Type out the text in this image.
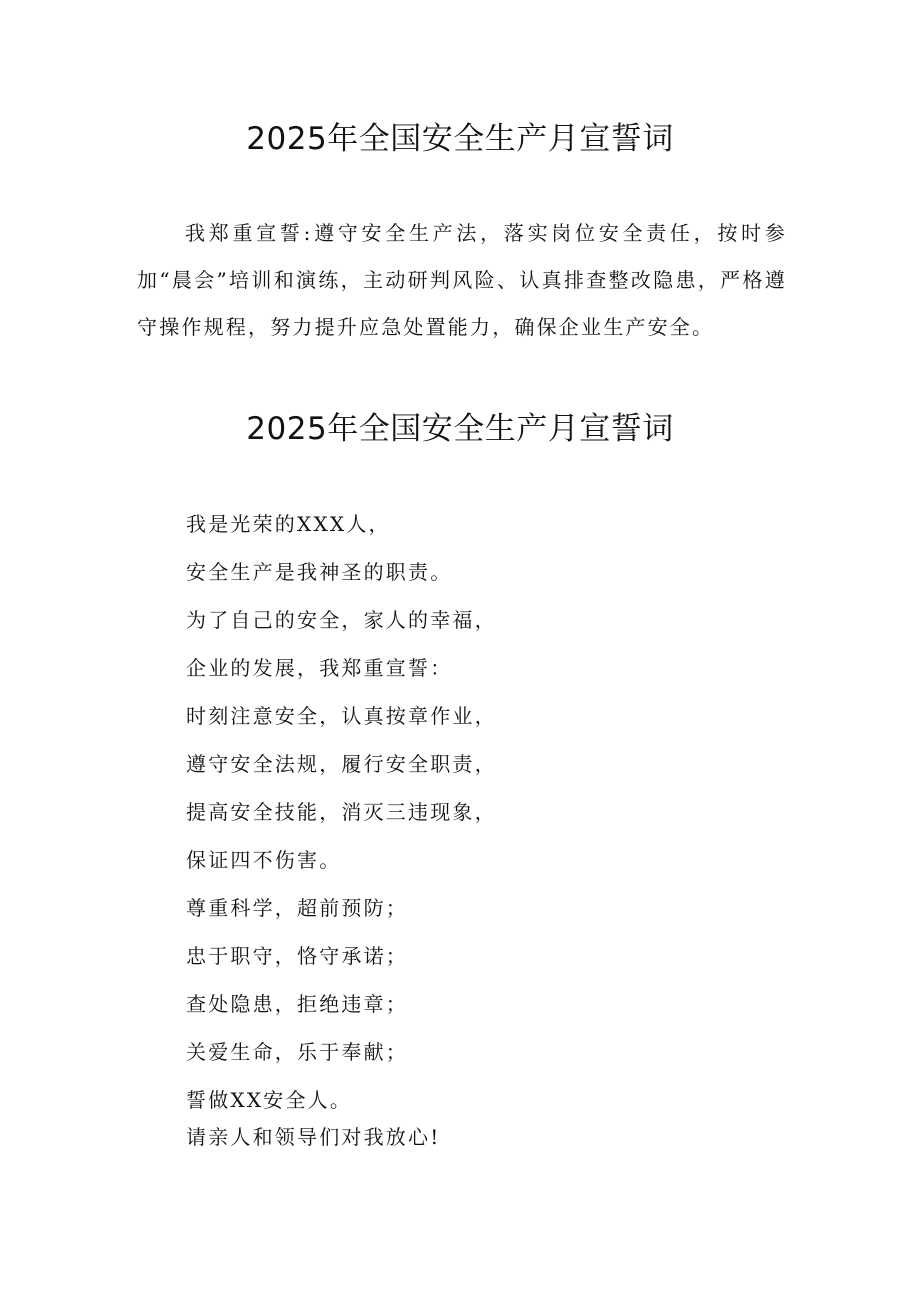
2025年全国安全生产月宣誓词

我郑重宣誓:遵守安全生产法，落实岗位安全责任，按时参加“晨会”培训和演练，主动研判风险、认真排查整改隐患，严格遵守操作规程，努力提升应急处置能力，确保企业生产安全。

2025年全国安全生产月宣誓词
我是光荣的XXX人，
安全生产是我神圣的职责。
为了自己的安全，家人的幸福，
企业的发展，我郑重宣誓：
时刻注意安全，认真按章作业，
遵守安全法规，履行安全职责，
提高安全技能，消灭三违现象，
保证四不伤害。
尊重科学，超前预防；
忠于职守，恪守承诺；
查处隐患，拒绝违章；
关爱生命，乐于奉献；
誓做XX安全人。
请亲人和领导们对我放心!
